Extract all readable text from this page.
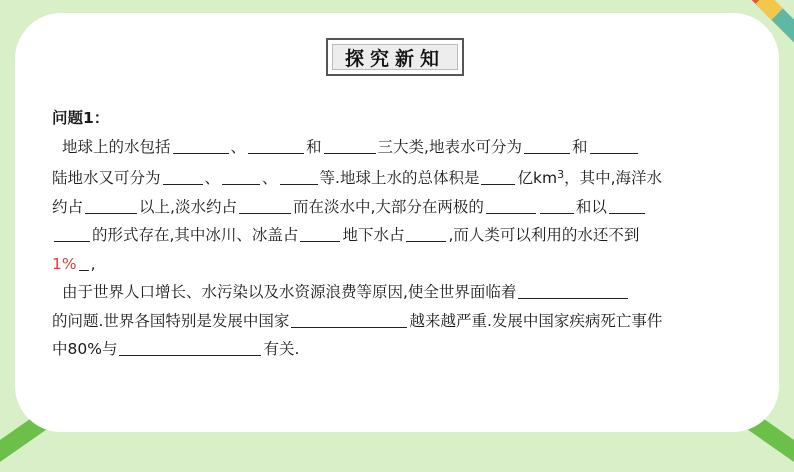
探究新知
问题1：
地球上的水包括	、	和	三大类,地表水可分为	和
陆地水又可分为	、	、	等.地球上水的总体积是 亿$km^3$，其中,海洋水
约占	以上,淡水约占	而在淡水中,大部分在两极的	和以
的形式存在,其中冰川、冰盖占	地下水占	,而人类可以利用的水还不到
1% ,
由于世界人口增长、水污染以及水资源浪费等原因,使全世界面临着
的问题.世界各国特别是发展中国家	越来越严重.发展中国家疾病死亡事件
中80%与	有关.
